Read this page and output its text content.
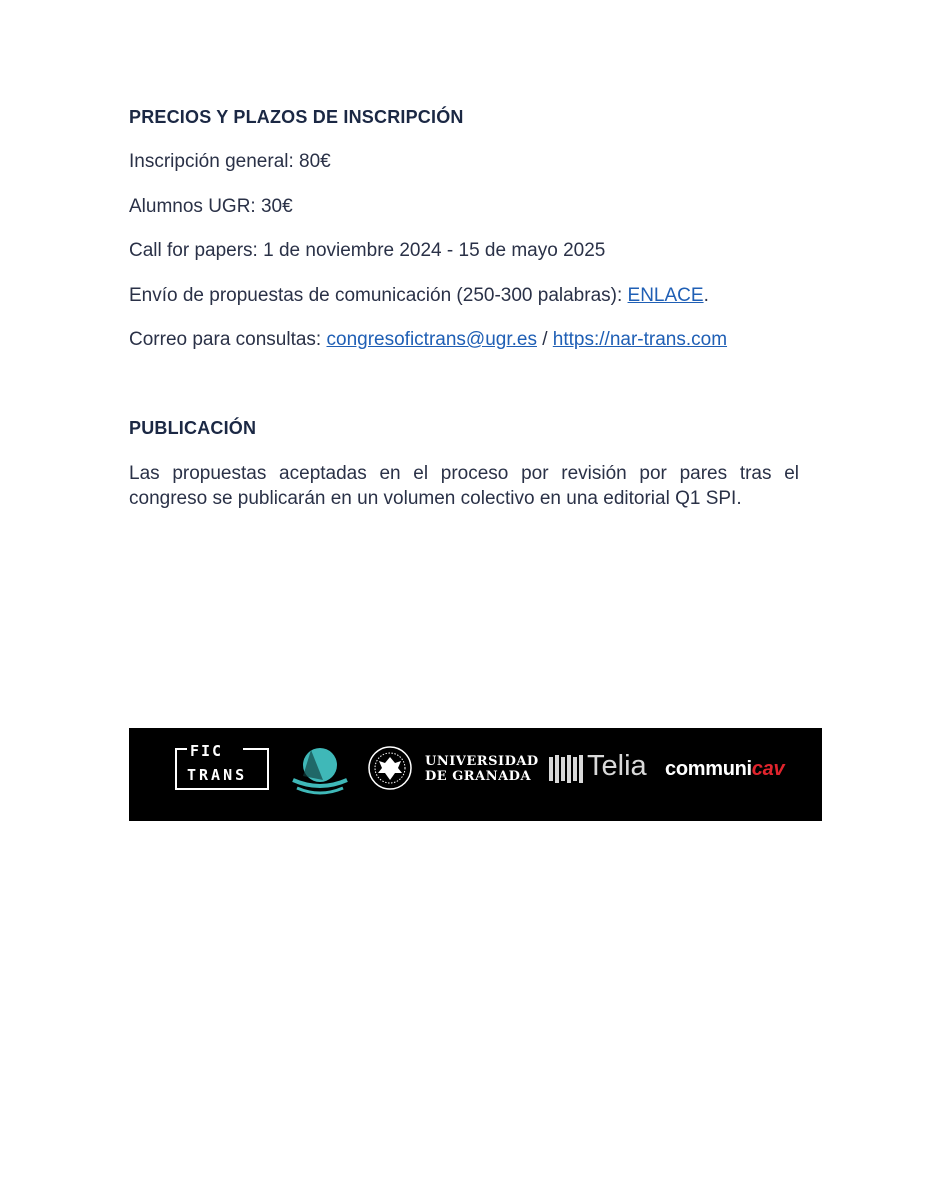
PRECIOS Y PLAZOS DE INSCRIPCIÓN
Inscripción general: 80€
Alumnos UGR: 30€
Call for papers: 1 de noviembre 2024 - 15 de mayo 2025
Envío de propuestas de comunicación (250-300 palabras): ENLACE.
Correo para consultas: congresofictrans@ugr.es / https://nar-trans.com
PUBLICACIÓN
Las propuestas aceptadas en el proceso por revisión por pares tras el congreso se publicarán en un volumen colectivo en una editorial Q1 SPI.
FIC
TRANS
UNIVERSIDAD
DE GRANADA Telia communicav
